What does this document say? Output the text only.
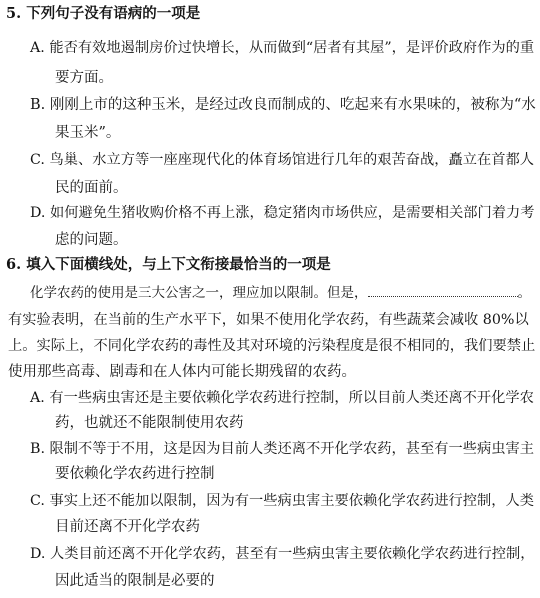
5. 下列句子没有语病的一项是
A. 能否有效地遏制房价过快增长，从而做到“居者有其屋”，是评价政府作为的重
要方面。
B. 刚刚上市的这种玉米，是经过改良而制成的、吃起来有水果味的，被称为“水
果玉米”。
C. 鸟巢、水立方等一座座现代化的体育场馆进行几年的艰苦奋战，矗立在首都人
民的面前。
D. 如何避免生猪收购价格不再上涨，稳定猪肉市场供应，是需要相关部门着力考
虑的问题。
6. 填入下面横线处，与上下文衔接最恰当的一项是
化学农药的使用是三大公害之一，理应加以限制。但是，	。
有实验表明，在当前的生产水平下，如果不使用化学农药，有些蔬菜会减收 80%以
上。实际上，不同化学农药的毒性及其对环境的污染程度是很不相同的，我们要禁止
使用那些高毒、剧毒和在人体内可能长期残留的农药。
A. 有一些病虫害还是主要依赖化学农药进行控制，所以目前人类还离不开化学农
药，也就还不能限制使用农药
B. 限制不等于不用，这是因为目前人类还离不开化学农药，甚至有一些病虫害主
要依赖化学农药进行控制
C. 事实上还不能加以限制，因为有一些病虫害主要依赖化学农药进行控制，人类
目前还离不开化学农药
D. 人类目前还离不开化学农药，甚至有一些病虫害主要依赖化学农药进行控制，
因此适当的限制是必要的
